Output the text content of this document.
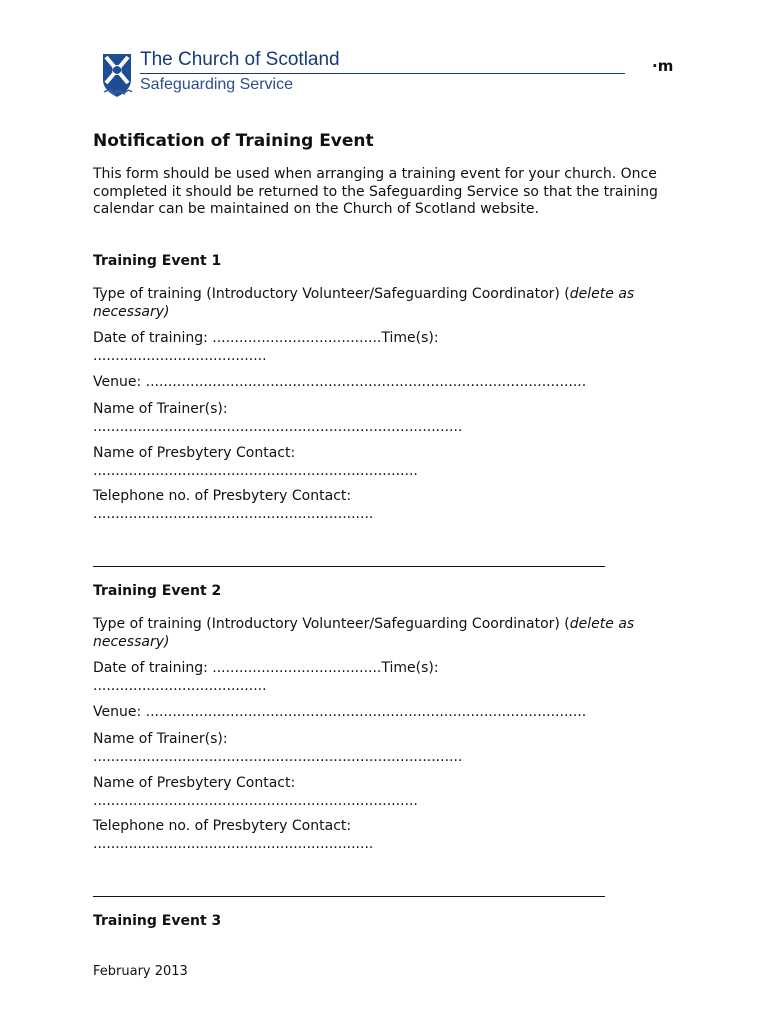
The Church of Scotland
Safeguarding Service
·m
Notification of Training Event

This form should be used when arranging a training event for your church. Once completed it should be returned to the Safeguarding Service so that the training calendar can be maintained on the Church of Scotland website.

Training Event 1

Type of training (Introductory Volunteer/Safeguarding Coordinator) (delete as necessary)

Date of training: ......................................Time(s):
.......................................

Venue: ...................................................................................................

Name of Trainer(s):
...................................................................................

Name of Presbytery Contact:
.........................................................................

Telephone no. of Presbytery Contact:
...............................................................

Training Event 2

Type of training (Introductory Volunteer/Safeguarding Coordinator) (delete as necessary)

Date of training: ......................................Time(s):
.......................................

Venue: ...................................................................................................

Name of Trainer(s):
...................................................................................

Name of Presbytery Contact:
.........................................................................

Telephone no. of Presbytery Contact:
...............................................................

Training Event 3
February 2013
